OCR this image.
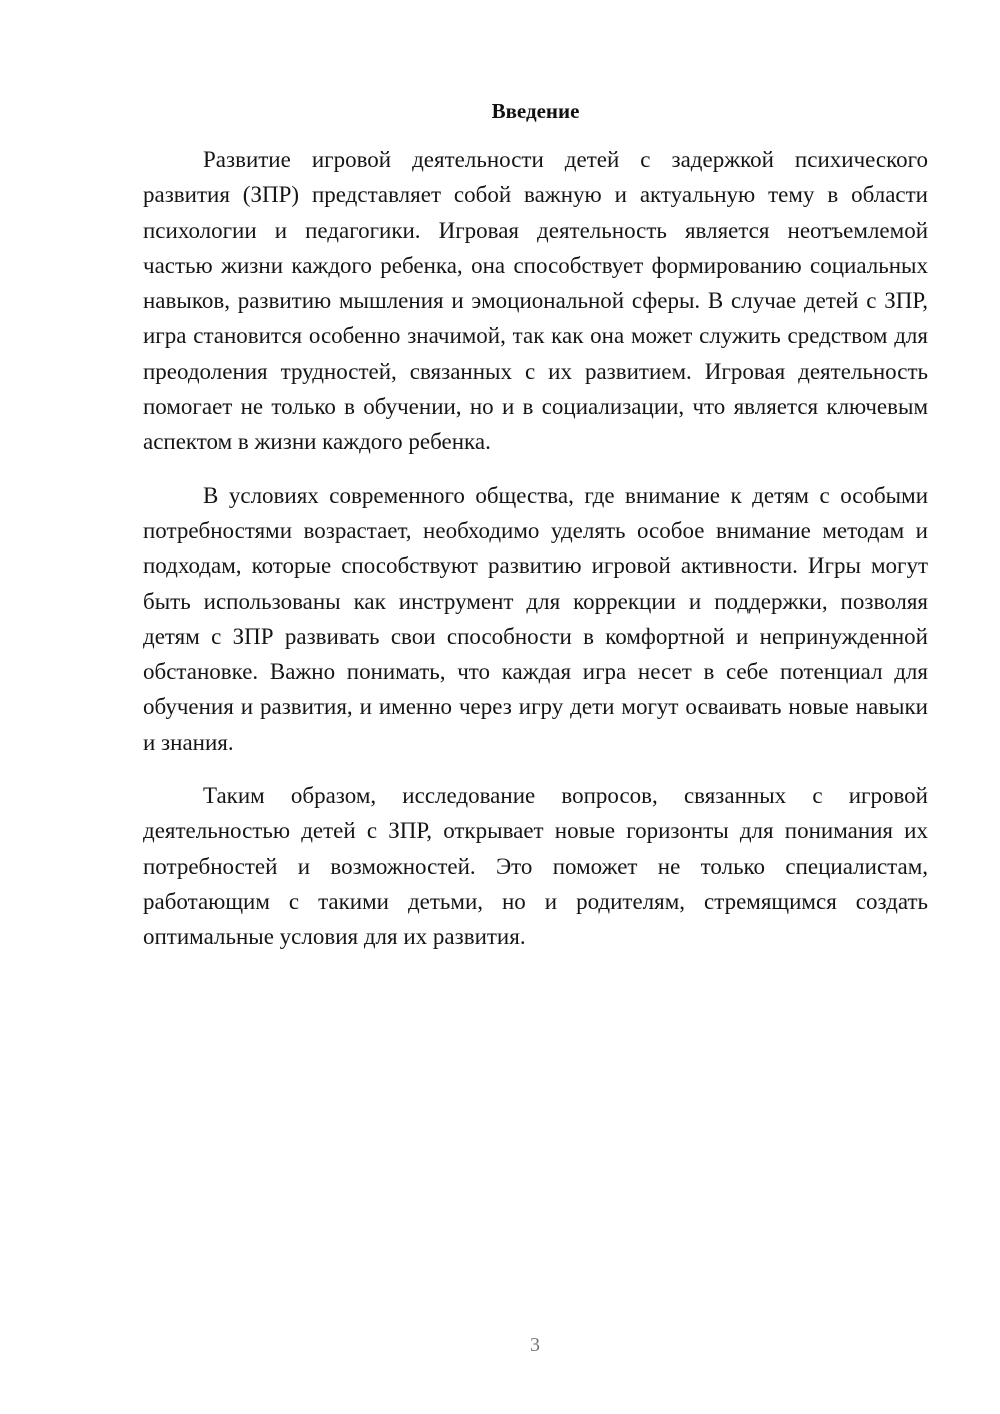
Введение

Развитие игровой деятельности детей с задержкой психического развития (ЗПР) представляет собой важную и актуальную тему в области психологии и педагогики. Игровая деятельность является неотъемлемой частью жизни каждого ребенка, она способствует формированию социальных навыков, развитию мышления и эмоциональной сферы. В случае детей с ЗПР, игра становится особенно значимой, так как она может служить средством для преодоления трудностей, связанных с их развитием. Игровая деятельность помогает не только в обучении, но и в социализации, что является ключевым аспектом в жизни каждого ребенка.

В условиях современного общества, где внимание к детям с особыми потребностями возрастает, необходимо уделять особое внимание методам и подходам, которые способствуют развитию игровой активности. Игры могут быть использованы как инструмент для коррекции и поддержки, позволяя детям с ЗПР развивать свои способности в комфортной и непринужденной обстановке. Важно понимать, что каждая игра несет в себе потенциал для обучения и развития, и именно через игру дети могут осваивать новые навыки и знания.

Таким образом, исследование вопросов, связанных с игровой деятельностью детей с ЗПР, открывает новые горизонты для понимания их потребностей и возможностей. Это поможет не только специалистам, работающим с такими детьми, но и родителям, стремящимся создать оптимальные условия для их развития.

3
